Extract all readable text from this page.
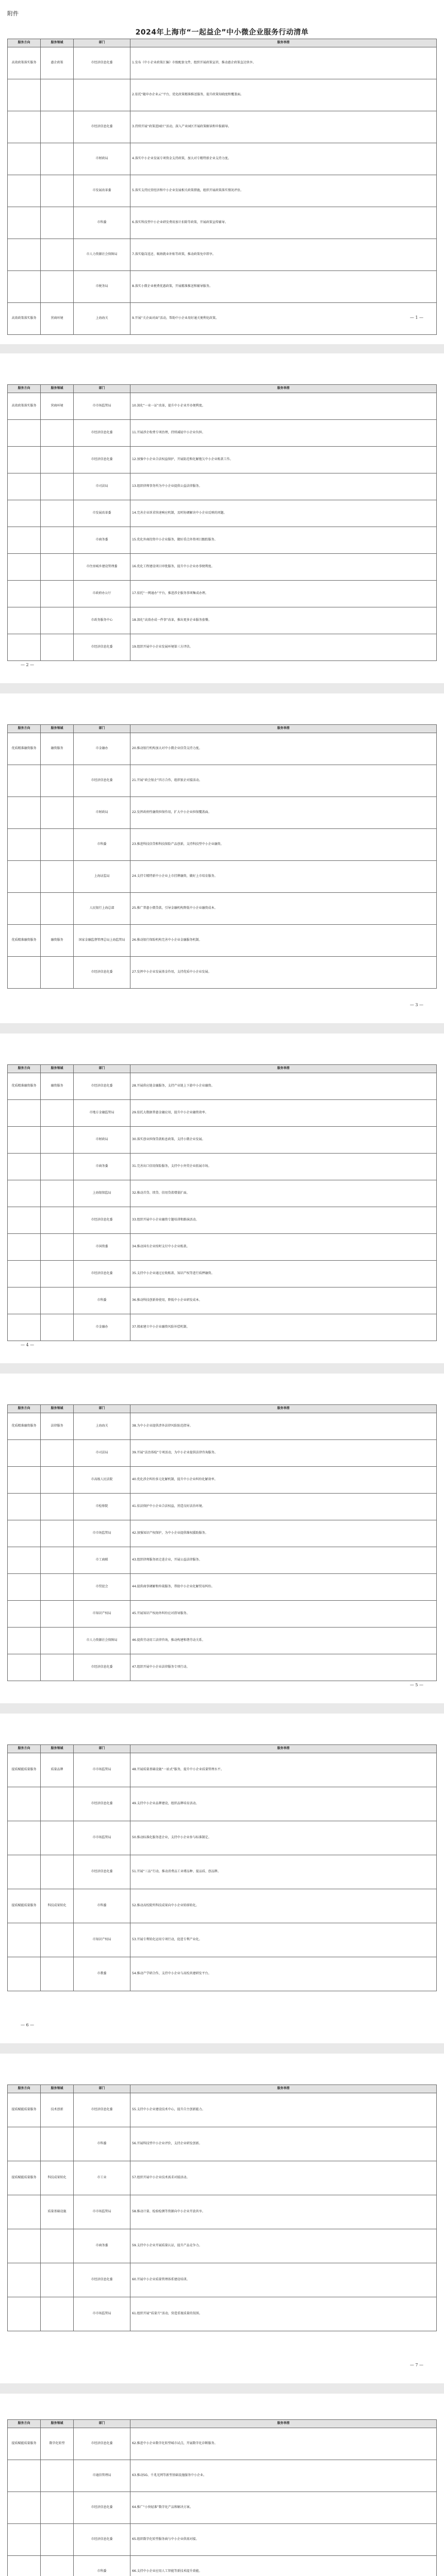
附件
2024年上海市“一起益企”中小微企业服务行动清单
服务方向	服务领域	部门	服务举措
高效政策落实服务	惠企政策	市经济信息化委	1.发布《中小企业政策汇编》市级配套文件，组织开展政策宣讲，推动惠企政策直达快享。
			2.依托“随申办企业云”平台，优化政策精准推送服务，提升政策知晓度和覆盖面。
		市经济信息化委	3.持续开展“政策进园区”活动，深入产业园区开展政策解读和申报辅导。
		市财政局	4.落实中小企业发展专项资金支持政策，加大对专精特新企业支持力度。
		市发展改革委	5.落实支持民营经济和中小企业发展相关政策措施，组织开展政策落实情况评估。
		市科委	6.落实科技型中小企业研发费用加计扣除等政策，开展政策宣传辅导。
		市人力资源社会保障局	7.落实稳岗返还、吸纳就业补贴等政策，推动政策免申即享。
		市税务局	8.落实小微企业税费优惠政策，开展精准推送和辅导服务。
高效政策落实服务	营商环境	上海海关	9.开展“关企面对面”活动，帮助中小企业用好通关便利化政策。	— 1 —
服务方向	服务领域	部门	服务举措
高效政策落实服务	营商环境	市市场监管局	10.深化“一业一证”改革，提升中小企业开办便利度。
		市经济信息化委	11.开展涉企收费专项治理，持续减轻中小企业负担。
		市经济信息化委	12.加强中小企业合法权益保护，开展防范和化解拖欠中小企业账款工作。
		市司法局	13.组织律师事务所为中小企业提供公益法律服务。
		市发展改革委	14.完善企业诉求快速响应机制，及时协调解决中小企业反映的问题。
		市商务委	15.优化外商投资中小企业服务，做好重点外资项目跟踪服务。
		市住房城乡建设管理委	16.优化工程建设项目审批服务，提升中小企业办事便利度。
		市政府办公厅	17.依托“一网通办”平台，推进涉企服务事项集成办理。
		市政务服务中心	18.深化“高效办成一件事”改革，推出更多企业服务套餐。
		市经济信息化委	19.组织开展中小企业发展环境第三方评估。
— 2 —
服务方向	服务领域	部门	服务举措
优质精准融资服务	融资服务	市金融办	20.推动银行机构加大对中小微企业信贷支持力度。
		市经济信息化委	21.开展“政会银企”四方合作，组织银企对接活动。
		市财政局	22.发挥政府性融资担保作用，扩大中小企业担保覆盖面。
		市科委	23.推进科技信贷和科技保险产品创新，支持科技型中小企业融资。
		上海证监局	24.支持专精特新中小企业上市挂牌融资，做好上市培育服务。
		人民银行上海总部	25.推广普惠小微贷款，引导金融机构降低中小企业融资成本。
优质精准融资服务	融资服务	国家金融监督管理总局上海监管局	26.推动银行保险机构完善中小企业金融服务机制。
		市经济信息化委	27.发挥中小企业发展基金作用，支持优质中小企业发展。
— 3 —
服务方向	服务领域	部门	服务举措
优质精准融资服务	融资服务	市经济信息化委	28.开展供应链金融服务，支持产业链上下游中小企业融资。
		市地方金融监管局	29.依托大数据普惠金融应用，提升中小企业融资效率。
		市财政局	30.落实创业担保贷款贴息政策，支持小微企业发展。
		市商务委	31.完善出口信用保险服务，支持中小外贸企业拓展市场。
		上海银保监局	32.推动首贷、续贷、信用贷款增量扩面。
		市经济信息化委	33.组织开展中小企业融资专题培训和路演活动。
		市国资委	34.推动国有企业按时支付中小企业账款。
		市经济信息化委	35.支持中小企业通过应收账款、知识产权等进行质押融资。
		市科委	36.推动科技创新券使用，降低中小企业研发成本。
		市金融办	37.探索建立中小企业融资风险补偿机制。
— 4 —
服务方向	服务领域	部门	服务举措
优质精准融资服务	法律服务	上海海关	38.为中小企业提供涉外法律风险防范指导。
		市司法局	39.开展“法治体检”专项活动，为中小企业提供法律咨询服务。
		市高级人民法院	40.优化涉企纠纷多元化解机制，提升中小企业纠纷化解效率。
		市检察院	41.依法保护中小企业合法权益，营造良好法治环境。
		市市场监管局	42.加强知识产权保护，为中小企业提供维权援助服务。
		市工商联	43.组织律师服务团走进企业，开展公益法律服务。
		市贸促会	44.提供商事调解和仲裁服务，帮助中小企业化解贸易纠纷。
		市知识产权局	45.开展知识产权海外纠纷应对指导服务。
		市人力资源社会保障局	46.提供劳动用工法律咨询，推动构建和谐劳动关系。
		市经济信息化委	47.组织开展中小企业法律服务专项行动。
— 5 —
服务方向	服务领域	部门	服务举措
提质赋能质量服务	质量品牌	市市场监管局	48.开展质量基础设施“一站式”服务，提升中小企业质量管理水平。
		市经济信息化委	49.支持中小企业品牌建设，组织品牌培育活动。
		市市场监管局	50.推动标准化服务进企业，支持中小企业参与标准制定。
		市经济信息化委	51.开展“三品”行动，推动消费品工业增品种、提品质、创品牌。
提质赋能质量服务	科技成果转化	市科委	52.推动高校院所科技成果向中小企业转移转化。
		市知识产权局	53.开展专利转化运用专项行动，促进专利产业化。
		市教委	54.推动产学研合作，支持中小企业与高校共建研发平台。
— 6 —
服务方向	服务领域	部门	服务举措
提质赋能质量服务	技术创新	市经济信息化委	55.支持中小企业建设技术中心，提升自主创新能力。
		市科委	56.开展科技型中小企业评价，支持企业研发创新。
提质赋能质量服务	科技成果转化	市工业	57.组织开展中小企业技术需求对接活动。
	质量基础设施	市市场监管局	58.推动计量、检验检测等资源向中小企业开放共享。
		市商务委	59.支持中小企业开展质量认证，提升产品竞争力。
		市经济信息化委	60.开展中小企业质量管理体系建设培训。
		市市场监管局	61.组织开展“质量月”活动，营造重视质量的氛围。
— 7 —
服务方向	服务领域	部门	服务举措
提质赋能质量服务	数字化转型	市经济信息化委	62.推进中小企业数字化转型城市试点，开展数字化诊断服务。
		市通信管理局	63.推动5G、千兆光网等新型基础设施服务中小企业。
		市经济信息化委	64.推广“小快轻准”数字化产品和解决方案。
		市经济信息化委	65.组织数字化转型服务商与中小企业供需对接。
		市科委	66.支持中小企业应用人工智能等新技术提升效能。
